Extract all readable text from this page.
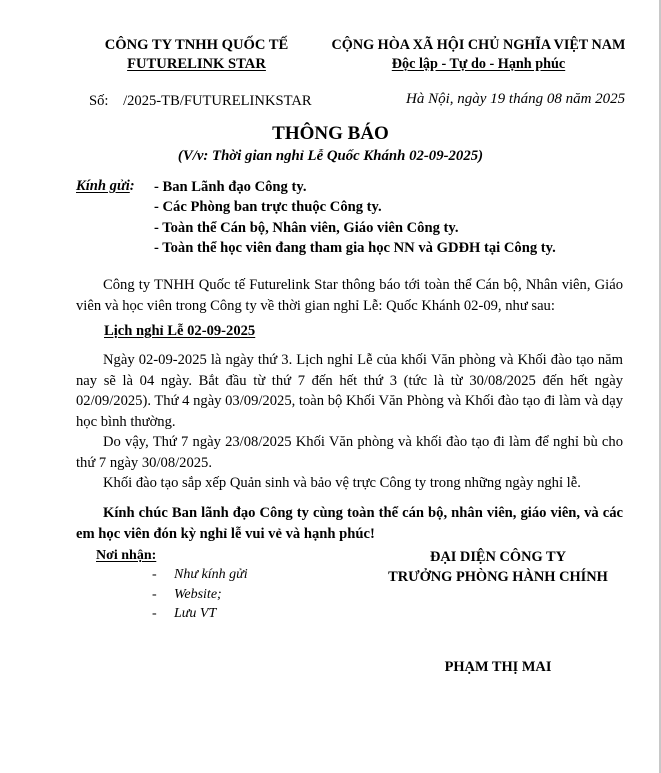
CÔNG TY TNHH QUỐC TẾ
FUTURELINK STAR
CỘNG HÒA XÃ HỘI CHỦ NGHĨA VIỆT NAM
Độc lập - Tự do - Hạnh phúc
Số: /2025-TB/FUTURELINKSTAR	Hà Nội, ngày 19 tháng 08 năm 2025
THÔNG BÁO
(V/v: Thời gian nghỉ Lễ Quốc Khánh 02-09-2025)
Kính gửi: - Ban Lãnh đạo Công ty.
- Các Phòng ban trực thuộc Công ty.
- Toàn thể Cán bộ, Nhân viên, Giáo viên Công ty.
- Toàn thể học viên đang tham gia học NN và GDĐH tại Công ty.
Công ty TNHH Quốc tế Futurelink Star thông báo tới toàn thể Cán bộ, Nhân viên, Giáo viên và học viên trong Công ty về thời gian nghỉ Lễ: Quốc Khánh 02-09, như sau:
Lịch nghỉ Lễ 02-09-2025
Ngày 02-09-2025 là ngày thứ 3. Lịch nghỉ Lễ của khối Văn phòng và Khối đào tạo năm nay sẽ là 04 ngày. Bắt đầu từ thứ 7 đến hết thứ 3 (tức là từ 30/08/2025 đến hết ngày 02/09/2025). Thứ 4 ngày 03/09/2025, toàn bộ Khối Văn Phòng và Khối đào tạo đi làm và dạy học bình thường.
Do vậy, Thứ 7 ngày 23/08/2025 Khối Văn phòng và khối đào tạo đi làm để nghỉ bù cho thứ 7 ngày 30/08/2025.
Khối đào tạo sắp xếp Quản sinh và bảo vệ trực Công ty trong những ngày nghỉ lễ.
Kính chúc Ban lãnh đạo Công ty cùng toàn thể cán bộ, nhân viên, giáo viên, và các em học viên đón kỳ nghỉ lễ vui vẻ và hạnh phúc!
Nơi nhận:
- Như kính gửi
- Website;
- Lưu VT
ĐẠI DIỆN CÔNG TY
TRƯỞNG PHÒNG HÀNH CHÍNH
PHẠM THỊ MAI
